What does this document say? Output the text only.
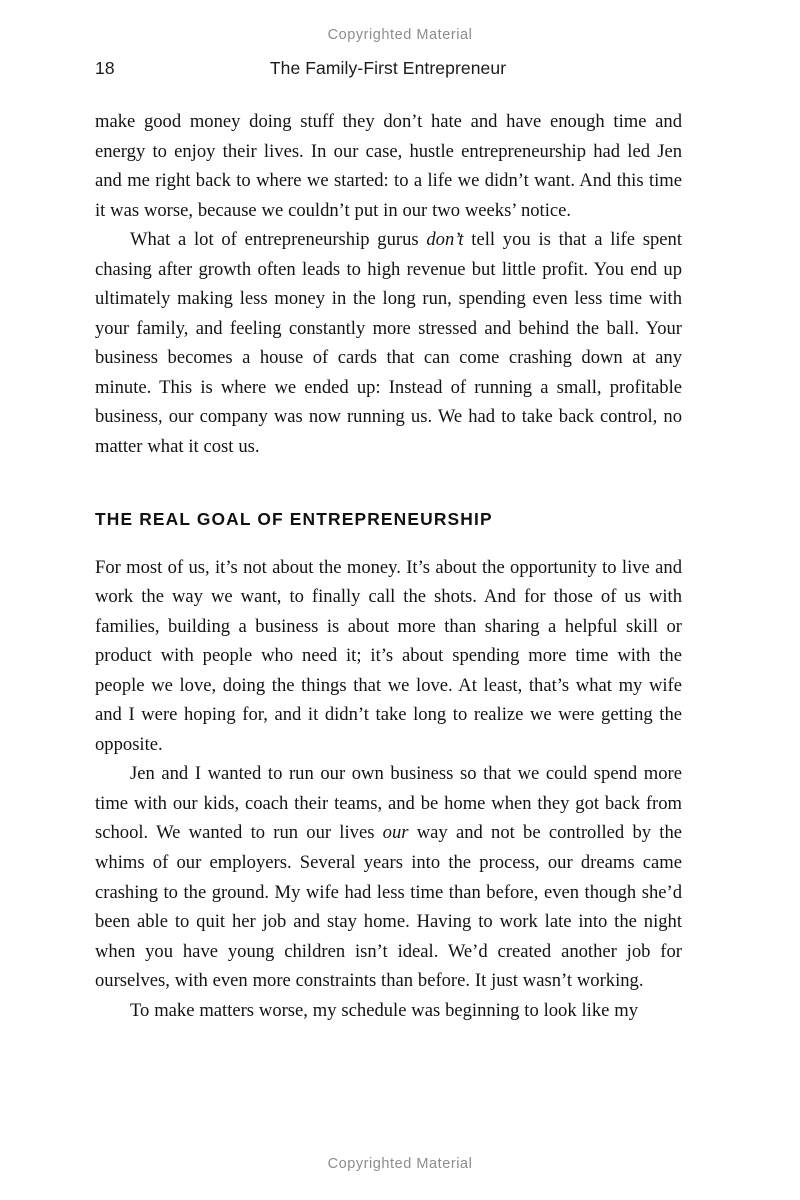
Copyrighted Material
18	The Family-First Entrepreneur

make good money doing stuff they don’t hate and have enough time and energy to enjoy their lives. In our case, hustle entrepreneurship had led Jen and me right back to where we started: to a life we didn’t want. And this time it was worse, because we couldn’t put in our two weeks’ notice.

What a lot of entrepreneurship gurus don’t tell you is that a life spent chasing after growth often leads to high revenue but little profit. You end up ultimately making less money in the long run, spending even less time with your family, and feeling constantly more stressed and behind the ball. Your business becomes a house of cards that can come crashing down at any minute. This is where we ended up: Instead of running a small, profitable business, our company was now running us. We had to take back control, no matter what it cost us.

THE REAL GOAL OF ENTREPRENEURSHIP

For most of us, it’s not about the money. It’s about the opportunity to live and work the way we want, to finally call the shots. And for those of us with families, building a business is about more than sharing a helpful skill or product with people who need it; it’s about spending more time with the people we love, doing the things that we love. At least, that’s what my wife and I were hoping for, and it didn’t take long to realize we were getting the opposite.

Jen and I wanted to run our own business so that we could spend more time with our kids, coach their teams, and be home when they got back from school. We wanted to run our lives our way and not be controlled by the whims of our employers. Several years into the process, our dreams came crashing to the ground. My wife had less time than before, even though she’d been able to quit her job and stay home. Having to work late into the night when you have young children isn’t ideal. We’d created another job for ourselves, with even more constraints than before. It just wasn’t working.

To make matters worse, my schedule was beginning to look like my

Copyrighted Material
